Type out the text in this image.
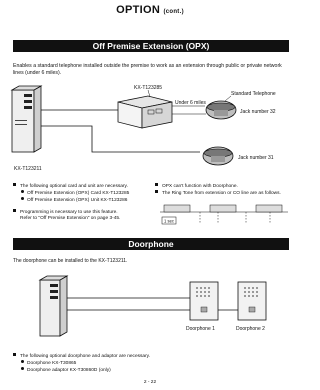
OPTION (cont.)
Off Premise Extension (OPX)
Enables a standard telephone installed outside the premise to work as an extension through public or private network lines (under 6 miles).
KX-T123285
Under 6 miles
Standard Telephone
Jack number 32
Jack number 31
KX-T123211
The following optional card and unit are necessary.
Off Premise Extension (OPX) Card KX-T123285
Off Premise Extension (OPX) Unit KX-T123286
Programming is necessary to use this feature.
Refer to "Off Premise Extension" on page 3-45.
OPX can't function with Doorphone.
The Ring Tone from extension or CO line are as follows.
1 sec
Doorphone
The doorphone can be installed to the KX-T123211.
Doorphone 1	Doorphone 2
The following optional doorphone and adaptor are necessary.
Doorphone KX-T30865
Doorphone adaptor KX-T30860D (only)
2 - 22
